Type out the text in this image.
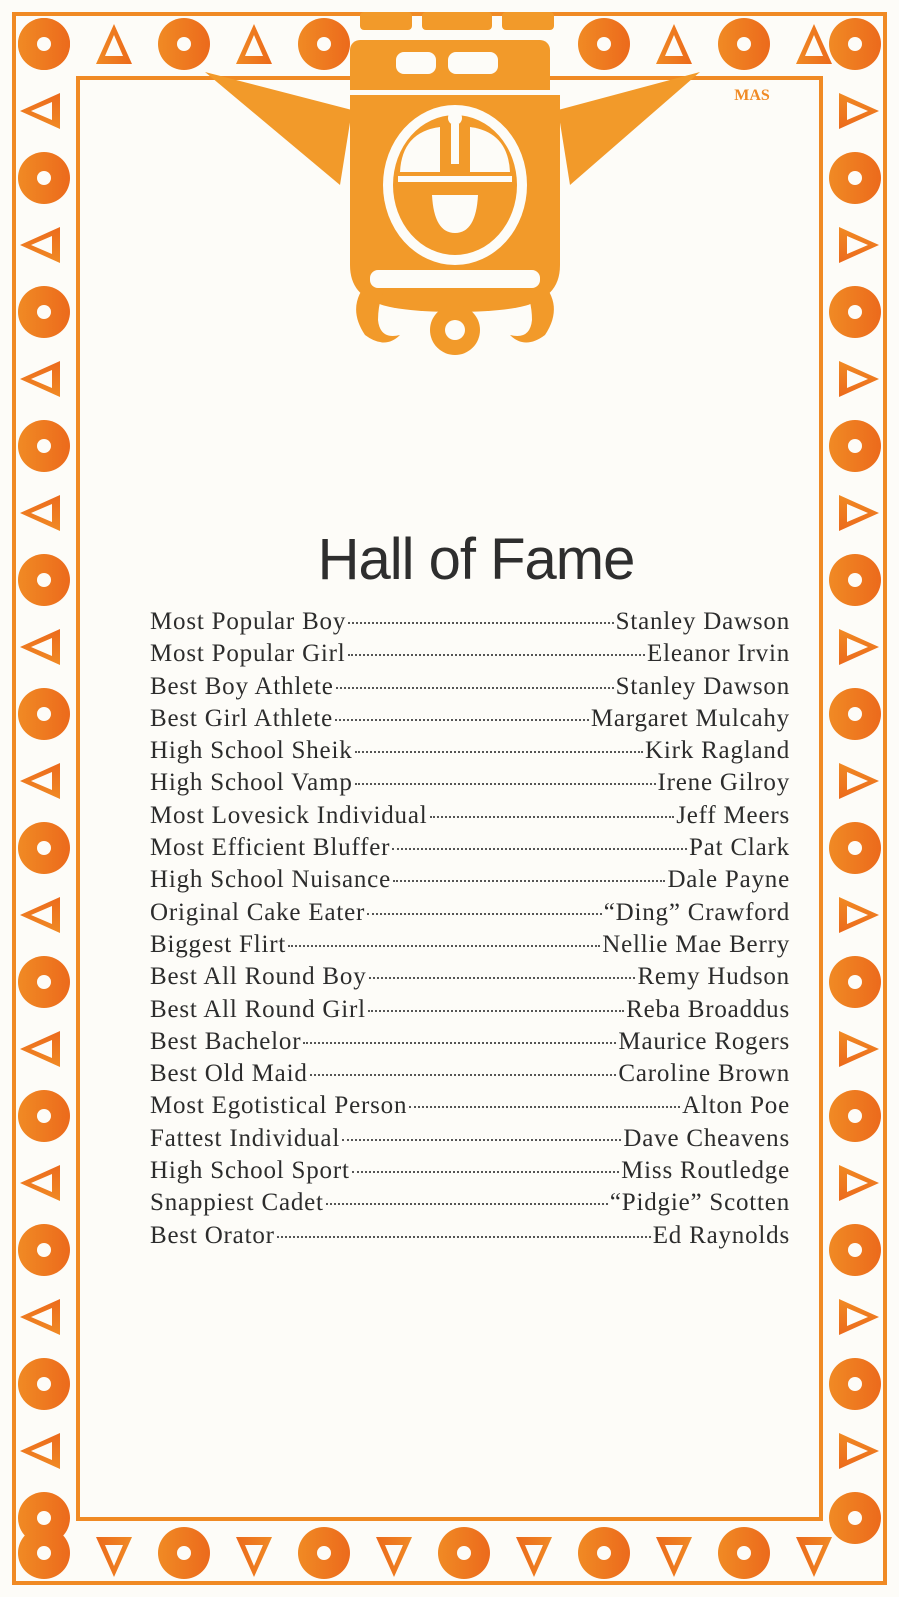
MAS
Hall of Fame
Most Popular Boy	Stanley Dawson
Most Popular Girl	Eleanor Irvin
Best Boy Athlete	Stanley Dawson
Best Girl Athlete	Margaret Mulcahy
High School Sheik	Kirk Ragland
High School Vamp	Irene Gilroy
Most Lovesick Individual	Jeff Meers
Most Efficient Bluffer	Pat Clark
High School Nuisance	Dale Payne
Original Cake Eater	“Ding” Crawford
Biggest Flirt	Nellie Mae Berry
Best All Round Boy	Remy Hudson
Best All Round Girl	Reba Broaddus
Best Bachelor	Maurice Rogers
Best Old Maid	Caroline Brown
Most Egotistical Person	Alton Poe
Fattest Individual	Dave Cheavens
High School Sport	Miss Routledge
Snappiest Cadet	“Pidgie” Scotten
Best Orator	Ed Raynolds
